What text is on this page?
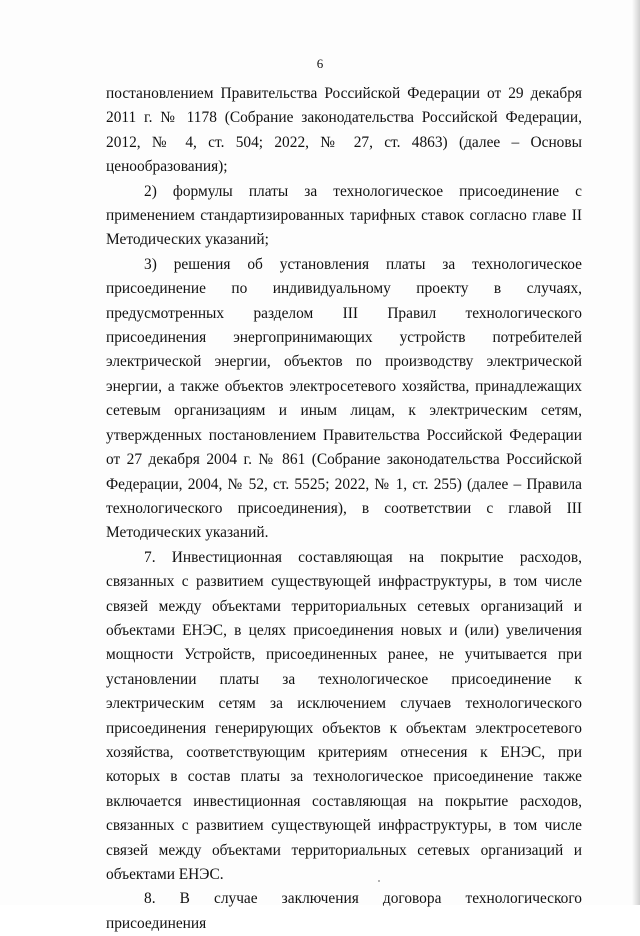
6

постановлением Правительства Российской Федерации от 29 декабря 2011 г. № 1178 (Собрание законодательства Российской Федерации, 2012, № 4, ст. 504; 2022, № 27, ст. 4863) (далее – Основы ценообразования);

2) формулы платы за технологическое присоединение с применением стандартизированных тарифных ставок согласно главе II Методических указаний;

3) решения об установления платы за технологическое присоединение по индивидуальному проекту в случаях, предусмотренных разделом III Правил технологического присоединения энергопринимающих устройств потребителей электрической энергии, объектов по производству электрической энергии, а также объектов электросетевого хозяйства, принадлежащих сетевым организациям и иным лицам, к электрическим сетям, утвержденных постановлением Правительства Российской Федерации от 27 декабря 2004 г. № 861 (Собрание законодательства Российской Федерации, 2004, № 52, ст. 5525; 2022, № 1, ст. 255) (далее – Правила технологического присоединения), в соответствии с главой III Методических указаний.

7. Инвестиционная составляющая на покрытие расходов, связанных с развитием существующей инфраструктуры, в том числе связей между объектами территориальных сетевых организаций и объектами ЕНЭС, в целях присоединения новых и (или) увеличения мощности Устройств, присоединенных ранее, не учитывается при установлении платы за технологическое присоединение к электрическим сетям за исключением случаев технологического присоединения генерирующих объектов к объектам электросетевого хозяйства, соответствующим критериям отнесения к ЕНЭС, при которых в состав платы за технологическое присоединение также включается инвестиционная составляющая на покрытие расходов, связанных с развитием существующей инфраструктуры, в том числе связей между объектами территориальных сетевых организаций и объектами ЕНЭС.

8. В случае заключения договора технологического присоединения
